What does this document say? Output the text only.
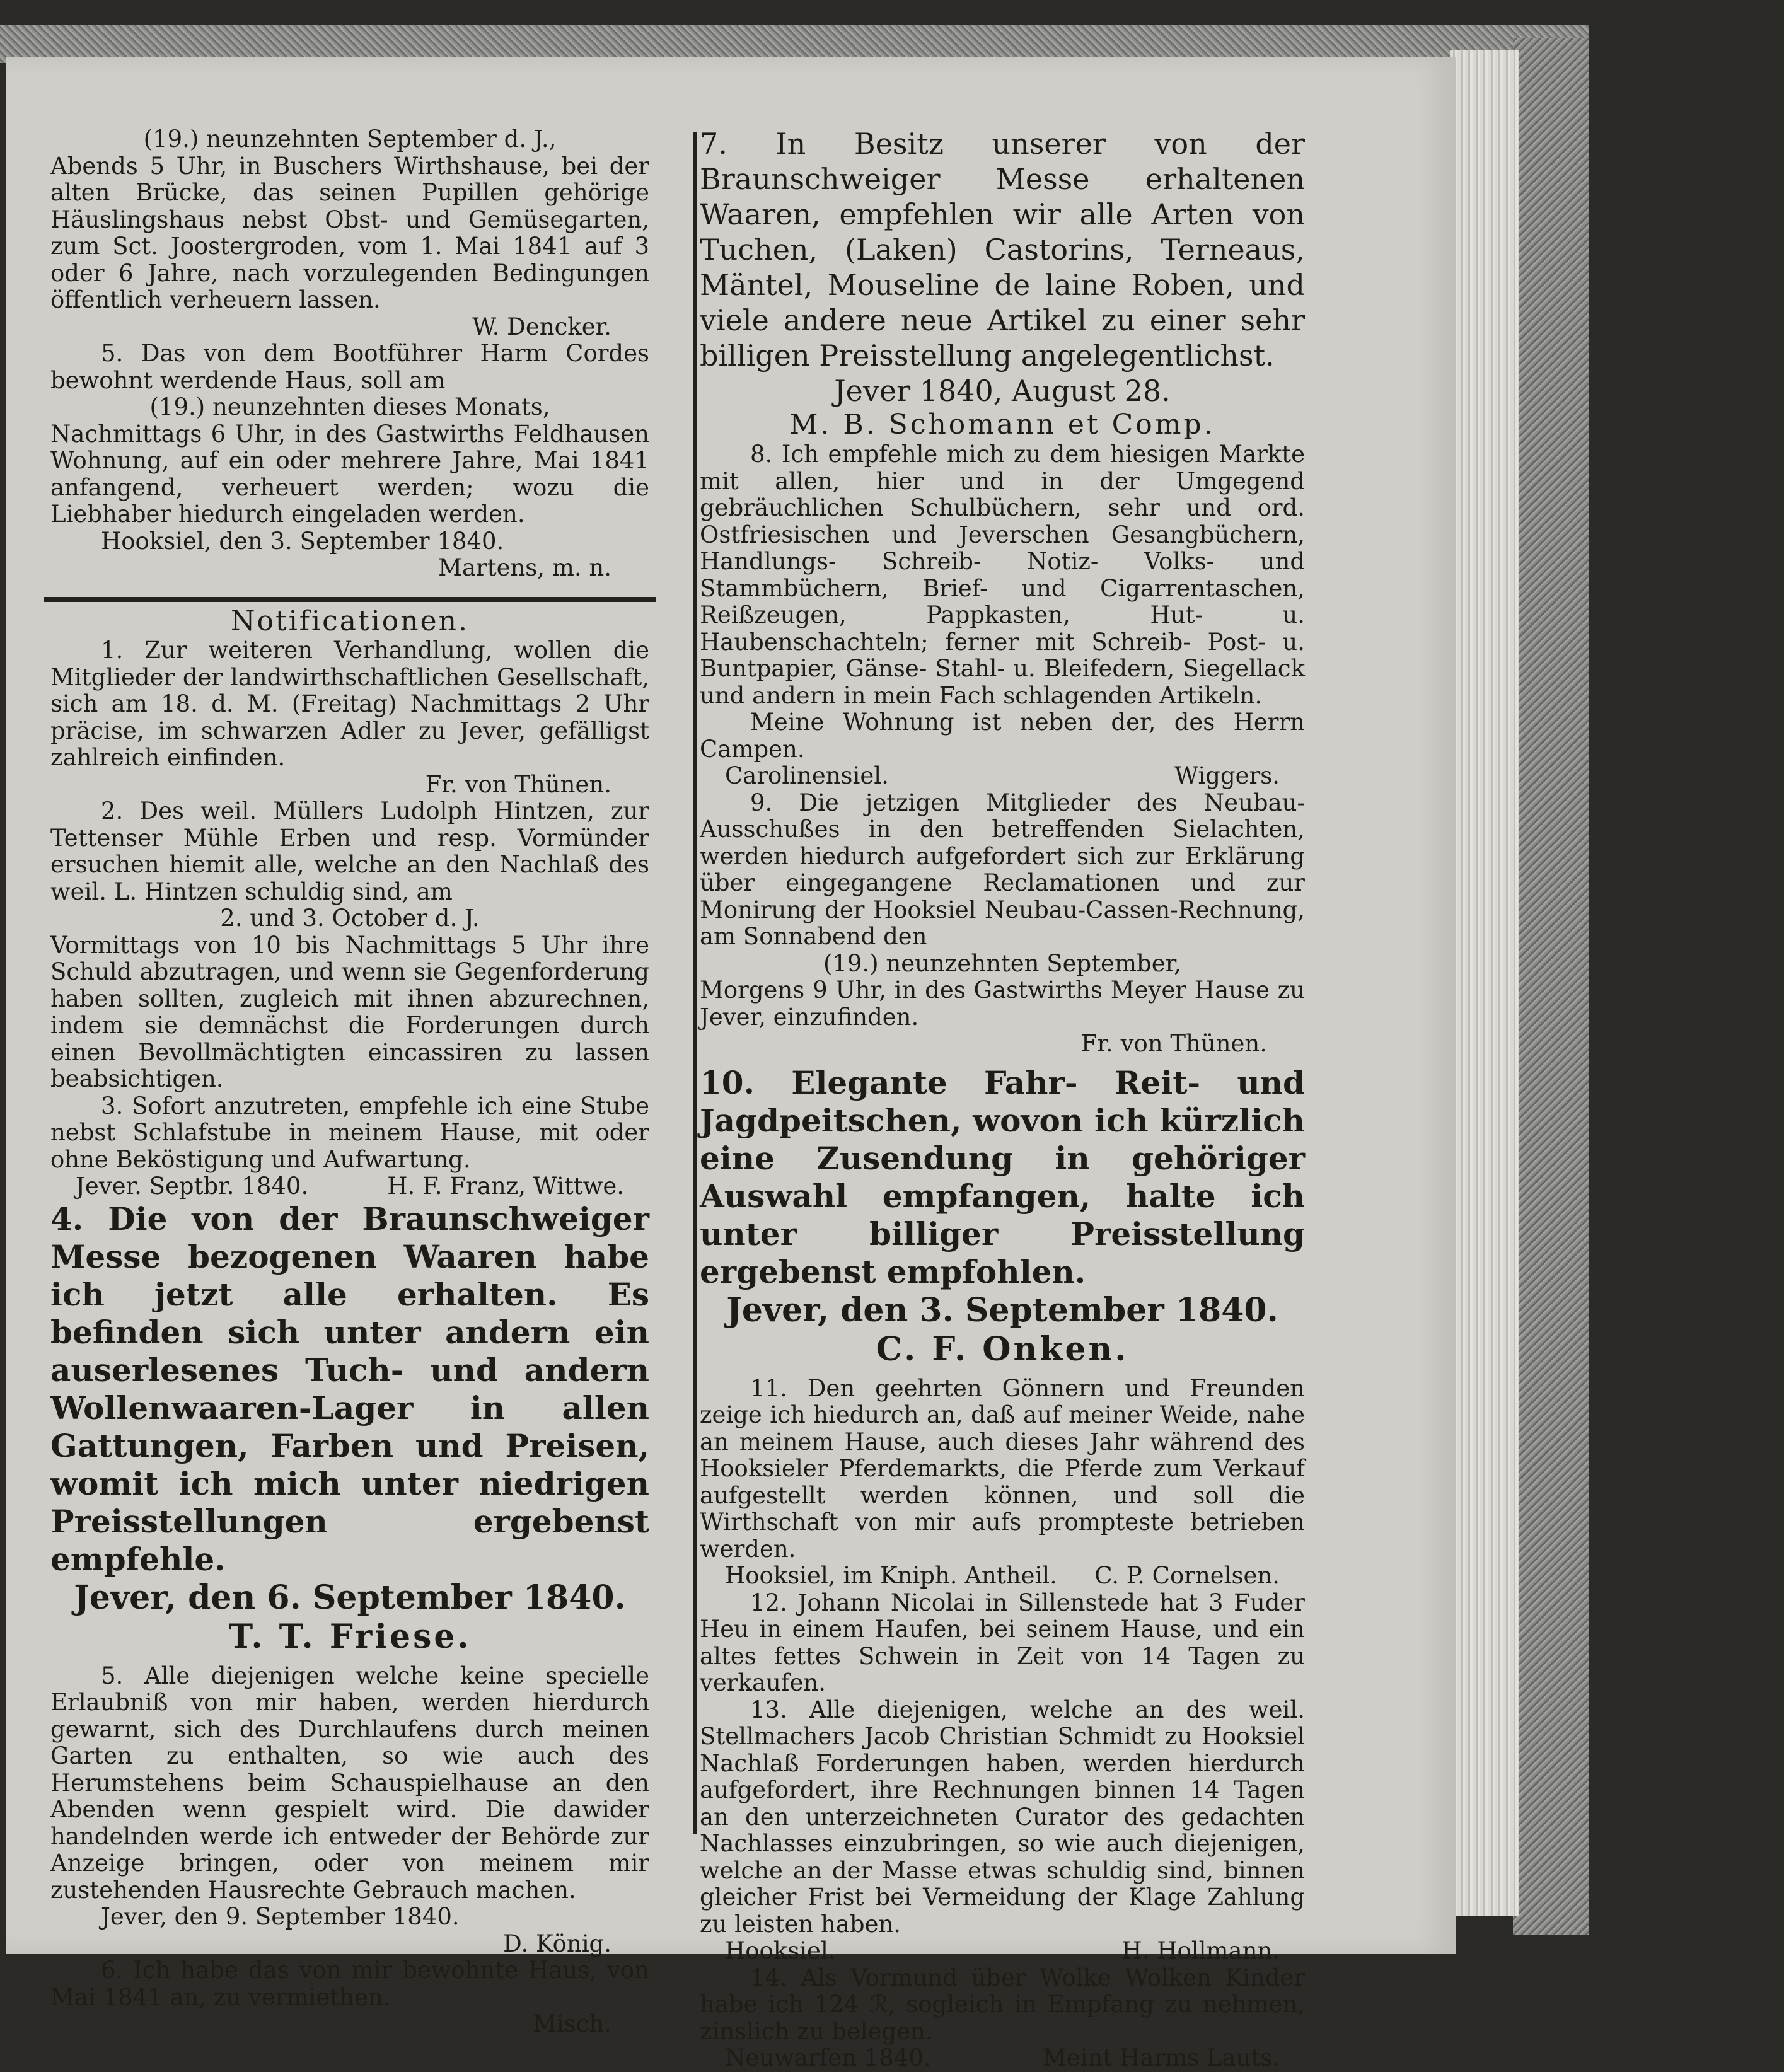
(19.) neunzehnten September d. J.,

Abends 5 Uhr, in Buschers Wirthshause, bei der alten Brücke, das seinen Pupillen gehörige Häuslingshaus nebst Obst- und Gemüsegarten, zum Sct. Joostergroden, vom 1. Mai 1841 auf 3 oder 6 Jahre, nach vorzulegenden Bedingungen öffentlich verheuern lassen.

W. Dencker.

5. Das von dem Bootführer Harm Cordes bewohnt werdende Haus, soll am

(19.) neunzehnten dieses Monats,

Nachmittags 6 Uhr, in des Gastwirths Feldhausen Wohnung, auf ein oder mehrere Jahre, Mai 1841 anfangend, verheuert werden; wozu die Liebhaber hiedurch eingeladen werden.

Hooksiel, den 3. September 1840.

Martens, m. n.

Notificationen.

1. Zur weiteren Verhandlung, wollen die Mitglieder der landwirthschaftlichen Gesellschaft, sich am 18. d. M. (Freitag) Nachmittags 2 Uhr präcise, im schwarzen Adler zu Jever, gefälligst zahlreich einfinden.

Fr. von Thünen.

2. Des weil. Müllers Ludolph Hintzen, zur Tettenser Mühle Erben und resp. Vormünder ersuchen hiemit alle, welche an den Nachlaß des weil. L. Hintzen schuldig sind, am

2. und 3. October d. J.

Vormittags von 10 bis Nachmittags 5 Uhr ihre Schuld abzutragen, und wenn sie Gegenforderung haben sollten, zugleich mit ihnen abzurechnen, indem sie demnächst die Forderungen durch einen Bevollmächtigten eincassiren zu lassen beabsichtigen.

3. Sofort anzutreten, empfehle ich eine Stube nebst Schlafstube in meinem Hause, mit oder ohne Beköstigung und Aufwartung.

Jever. Septbr. 1840.	H. F. Franz, Wittwe.

4. Die von der Braunschweiger Messe bezogenen Waaren habe ich jetzt alle erhalten. Es befinden sich unter andern ein auserlesenes Tuch- und andern Wollenwaaren-Lager in allen Gattungen, Farben und Preisen, womit ich mich unter niedrigen Preisstellungen ergebenst empfehle.

Jever, den 6. September 1840.

T. T. Friese.

5. Alle diejenigen welche keine specielle Erlaubniß von mir haben, werden hierdurch gewarnt, sich des Durchlaufens durch meinen Garten zu enthalten, so wie auch des Herumstehens beim Schauspielhause an den Abenden wenn gespielt wird. Die dawider handelnden werde ich entweder der Behörde zur Anzeige bringen, oder von meinem mir zustehenden Hausrechte Gebrauch machen.

Jever, den 9. September 1840.

D. König.

6. Ich habe das von mir bewohnte Haus, von Mai 1841 an, zu vermiethen.

Misch.

7. In Besitz unserer von der Braunschweiger Messe erhaltenen Waaren, empfehlen wir alle Arten von Tuchen, (Laken) Castorins, Terneaus, Mäntel, Mouseline de laine Roben, und viele andere neue Artikel zu einer sehr billigen Preisstellung angelegentlichst.

Jever 1840, August 28.

M. B. Schomann et Comp.

8. Ich empfehle mich zu dem hiesigen Markte mit allen, hier und in der Umgegend gebräuchlichen Schulbüchern, sehr und ord. Ostfriesischen und Jeverschen Gesangbüchern, Handlungs- Schreib- Notiz- Volks- und Stammbüchern, Brief- und Cigarrentaschen, Reißzeugen, Pappkasten, Hut- u. Haubenschachteln; ferner mit Schreib- Post- u. Buntpapier, Gänse- Stahl- u. Bleifedern, Siegellack und andern in mein Fach schlagenden Artikeln.

Meine Wohnung ist neben der, des Herrn Campen.

Carolinensiel.	Wiggers.

9. Die jetzigen Mitglieder des Neubau-Ausschußes in den betreffenden Sielachten, werden hiedurch aufgefordert sich zur Erklärung über eingegangene Reclamationen und zur Monirung der Hooksiel Neubau-Cassen-Rechnung, am Sonnabend den

(19.) neunzehnten September,

Morgens 9 Uhr, in des Gastwirths Meyer Hause zu Jever, einzufinden.

Fr. von Thünen.

10. Elegante Fahr- Reit- und Jagdpeitschen, wovon ich kürzlich eine Zusendung in gehöriger Auswahl empfangen, halte ich unter billiger Preisstellung ergebenst empfohlen.

Jever, den 3. September 1840.

C. F. Onken.

11. Den geehrten Gönnern und Freunden zeige ich hiedurch an, daß auf meiner Weide, nahe an meinem Hause, auch dieses Jahr während des Hooksieler Pferdemarkts, die Pferde zum Verkauf aufgestellt werden können, und soll die Wirthschaft von mir aufs prompteste betrieben werden.

Hooksiel, im Kniph. Antheil. C. P. Cornelsen.

12. Johann Nicolai in Sillenstede hat 3 Fuder Heu in einem Haufen, bei seinem Hause, und ein altes fettes Schwein in Zeit von 14 Tagen zu verkaufen.

13. Alle diejenigen, welche an des weil. Stellmachers Jacob Christian Schmidt zu Hooksiel Nachlaß Forderungen haben, werden hierdurch aufgefordert, ihre Rechnungen binnen 14 Tagen an den unterzeichneten Curator des gedachten Nachlasses einzubringen, so wie auch diejenigen, welche an der Masse etwas schuldig sind, binnen gleicher Frist bei Vermeidung der Klage Zahlung zu leisten haben.

Hooksiel.	H. Hollmann.

14. Als Vormund über Wolke Wolken Kinder habe ich 124 ℛ, sogleich in Empfang zu nehmen, zinslich zu belegen.

Neuwarfen 1840.	Meint Harms Lauts.
